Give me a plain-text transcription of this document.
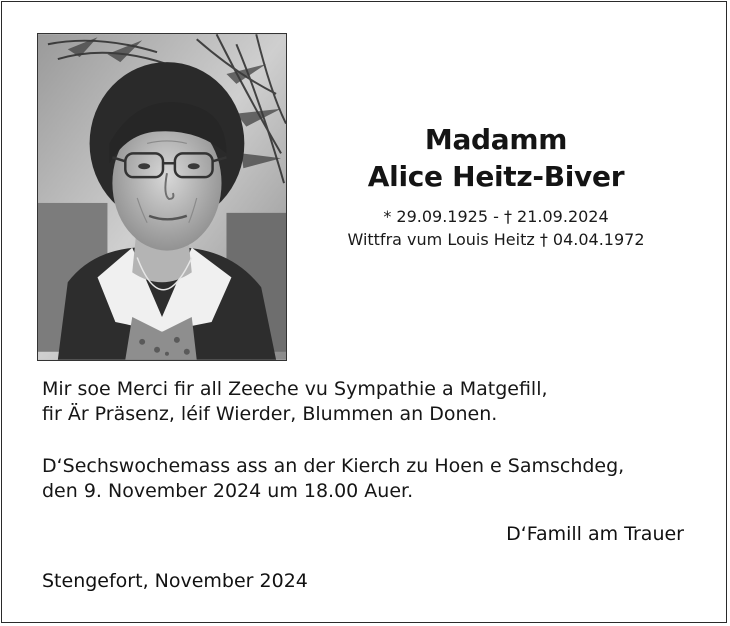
Madamm
Alice Heitz-Biver
* 29.09.1925 - † 21.09.2024
Wittfra vum Louis Heitz † 04.04.1972
Mir soe Merci fir all Zeeche vu Sympathie a Matgefill,
fir Är Präsenz, léif Wierder, Blummen an Donen.
D‘Sechswochemass ass an der Kierch zu Hoen e Samschdeg,
den 9. November 2024 um 18.00 Auer.
D‘Famill am Trauer
Stengefort, November 2024
